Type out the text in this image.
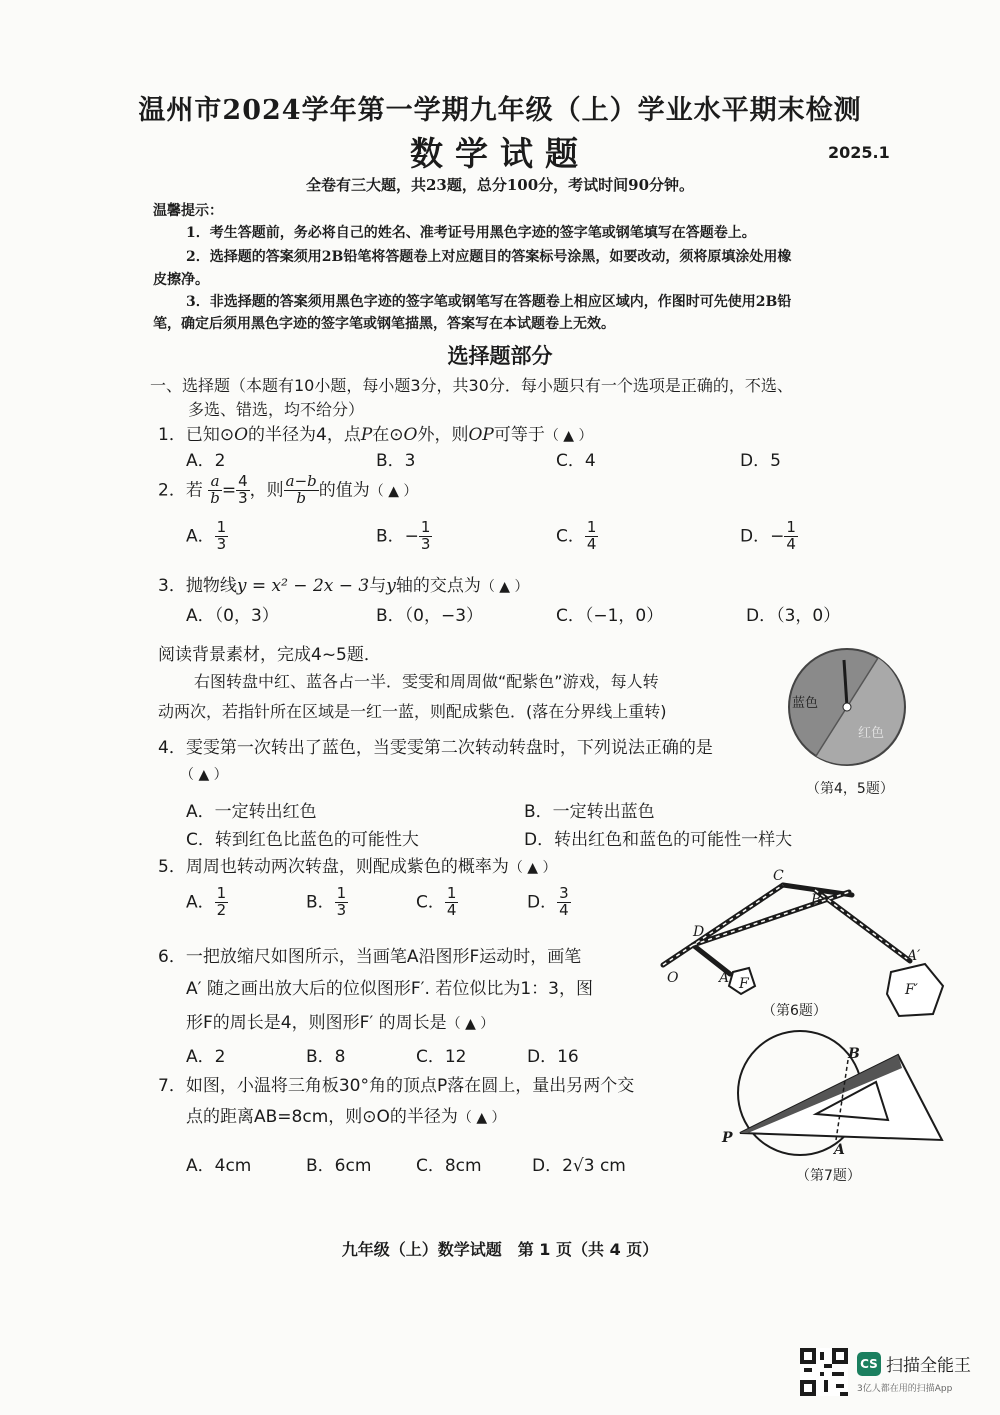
温州市2024学年第一学期九年级（上）学业水平期末检测
数学试题	2025.1
全卷有三大题，共23题，总分100分，考试时间90分钟。
温馨提示：
1．考生答题前，务必将自己的姓名、准考证号用黑色字迹的签字笔或钢笔填写在答题卷上。
2．选择题的答案须用2B铅笔将答题卷上对应题目的答案标号涂黑，如要改动，须将原填涂处用橡
皮擦净。
3．非选择题的答案须用黑色字迹的签字笔或钢笔写在答题卷上相应区域内，作图时可先使用2B铅
笔，确定后须用黑色字迹的签字笔或钢笔描黑，答案写在本试题卷上无效。
选择题部分
一、选择题（本题有10小题，每小题3分，共30分．每小题只有一个选项是正确的，不选、
多选、错选，均不给分）
1．已知⊙O的半径为4，点P在⊙O外，则OP可等于（ ▲ ）
A．2	B．3	C．4	D．5
2．若 $\frac{a}{b} = \frac{4}{3}$ ，则 $\frac{a-b}{b}$ 的值为（ ▲ ）
A． $\frac{1}{3}$	B．− $\frac{1}{3}$	C． $\frac{1}{4}$	D．− $\frac{1}{4}$
3．抛物线y = x² − 2x − 3与y轴的交点为（ ▲ ）
A．（0，3）	B．（0，−3）	C．（−1，0）	D．（3，0）
阅读背景素材，完成4~5题．
右图转盘中红、蓝各占一半．雯雯和周周做“配紫色”游戏，每人转
动两次，若指针所在区域是一红一蓝，则配成紫色．(落在分界线上重转)	蓝色
红色
（第4，5题）
4．雯雯第一次转出了蓝色，当雯雯第二次转动转盘时，下列说法正确的是
（ ▲ ）
A．一定转出红色	B．一定转出蓝色
C．转到红色比蓝色的可能性大	D．转出红色和蓝色的可能性一样大
5．周周也转动两次转盘，则配成紫色的概率为（ ▲ ）
A． $\frac{1}{2}$	B． $\frac{1}{3}$	C． $\frac{1}{4}$	D． $\frac{3}{4}$
6．一把放缩尺如图所示，当画笔A沿图形F运动时，画笔
A′ 随之画出放大后的位似图形F′. 若位似比为1：3，图
形F的周长是4，则图形F′ 的周长是（ ▲ ）
A．2	B．8	C．12	D．16
C
B
D
O	A F
A′
F′
（第6题）
7．如图，小温将三角板30°角的顶点P落在圆上，量出另两个交
点的距离AB=8cm，则⊙O的半径为（ ▲ ）
A．4cm	B．6cm	C．8cm	D．2√3 cm
B
P
A
（第7题）
九年级（上）数学试题　第 1 页（共 4 页）
CS 扫描全能王
3亿人都在用的扫描App
